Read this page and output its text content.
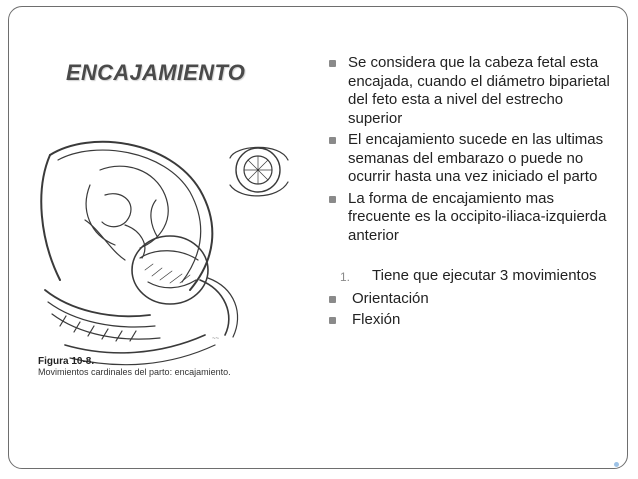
ENCAJAMIENTO
~~
Figura 10-8.
Movimientos cardinales del parto: encajamiento.
Se considera que la cabeza fetal esta encajada, cuando el diámetro biparietal del feto esta a nivel del estrecho superior
El encajamiento sucede en las ultimas semanas del embarazo o puede no ocurrir hasta una vez iniciado el parto
La forma de encajamiento mas frecuente es la occipito-iliaca-izquierda anterior
1. Tiene que ejecutar 3 movimientos
Orientación
Flexión
